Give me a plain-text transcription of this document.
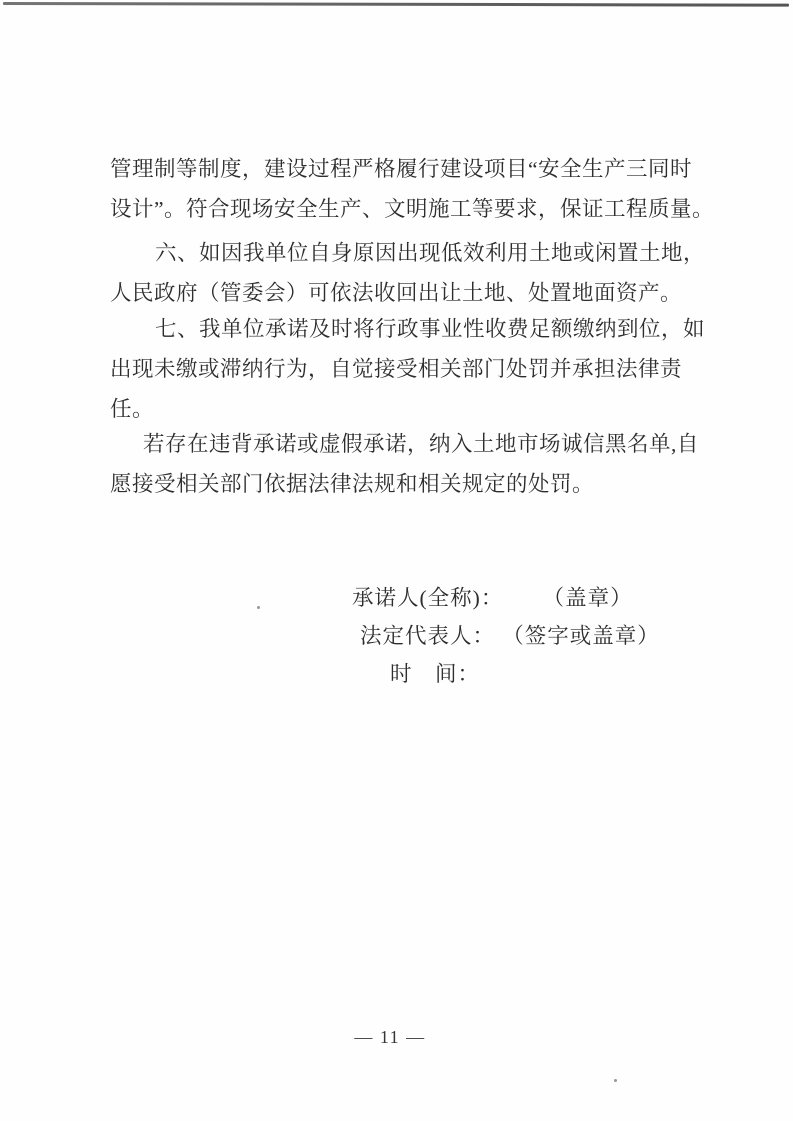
管理制等制度，建设过程严格履行建设项目“安全生产三同时
设计”。符合现场安全生产、文明施工等要求，保证工程质量。
六、如因我单位自身原因出现低效利用土地或闲置土地，
人民政府（管委会）可依法收回出让土地、处置地面资产。
七、我单位承诺及时将行政事业性收费足额缴纳到位，如
出现未缴或滞纳行为，自觉接受相关部门处罚并承担法律责
任。
若存在违背承诺或虚假承诺，纳入土地市场诚信黑名单,自
愿接受相关部门依据法律法规和相关规定的处罚。
承诺人(全称)： （盖章）
法定代表人： （签字或盖章）
时　间：
— 11 —
